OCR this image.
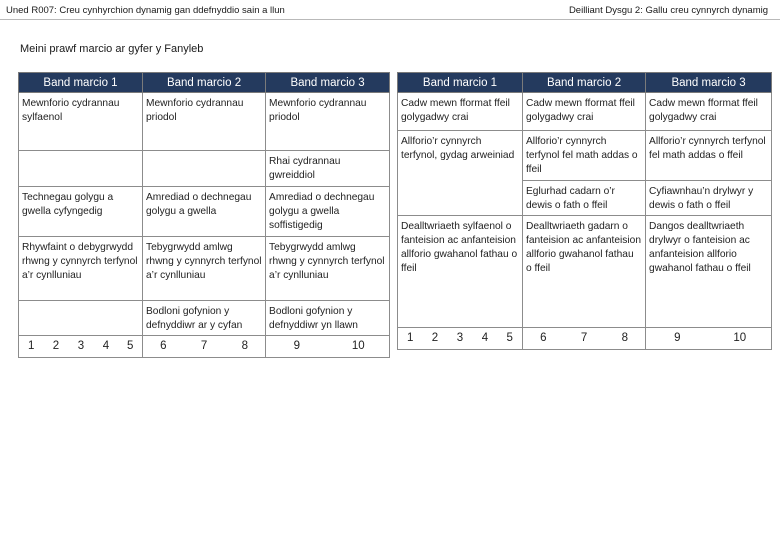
Uned R007: Creu cynhyrchion dynamig gan ddefnyddio sain a llun	Deilliant Dysgu 2: Gallu creu cynnyrch dynamig
Meini prawf marcio ar gyfer y Fanyleb
Band marcio 1					Band marcio 2			Band marcio 3	
Mewnforio cydrannau sylfaenol					Mewnforio cydrannau priodol			Mewnforio cydrannau priodol	
								Rhai cydrannau gwreiddiol	
Technegau golygu a gwella cyfyngedig					Amrediad o dechnegau golygu a gwella			Amrediad o dechnegau golygu a gwella soffistigedig	
Rhywfaint o debygrwydd rhwng y cynnyrch terfynol a’r cynlluniau					Tebygrwydd amlwg rhwng y cynnyrch terfynol a’r cynlluniau			Tebygrwydd amlwg rhwng y cynnyrch terfynol a’r cynlluniau	
					Bodloni gofynion y defnyddiwr ar y cyfan			Bodloni gofynion y defnyddiwr yn llawn	
1	2	3	4	5	6	7	8	9	10
Band marcio 1					Band marcio 2			Band marcio 3	
Cadw mewn fformat ffeil golygadwy crai					Cadw mewn fformat ffeil golygadwy crai			Cadw mewn fformat ffeil golygadwy crai	
Allforio’r cynnyrch terfynol, gydag arweiniad					Allforio’r cynnyrch terfynol fel math addas o ffeil			Allforio’r cynnyrch terfynol fel math addas o ffeil	
					Eglurhad cadarn o’r dewis o fath o ffeil			Cyfiawnhau’n drylwyr y dewis o fath o ffeil	
Dealltwriaeth sylfaenol o fanteision ac anfanteision allforio gwahanol fathau o ffeil					Dealltwriaeth gadarn o fanteision ac anfanteision allforio gwahanol fathau o ffeil			Dangos dealltwriaeth drylwyr o fanteision ac anfanteision allforio gwahanol fathau o ffeil	
1	2	3	4	5	6	7	8	9	10
